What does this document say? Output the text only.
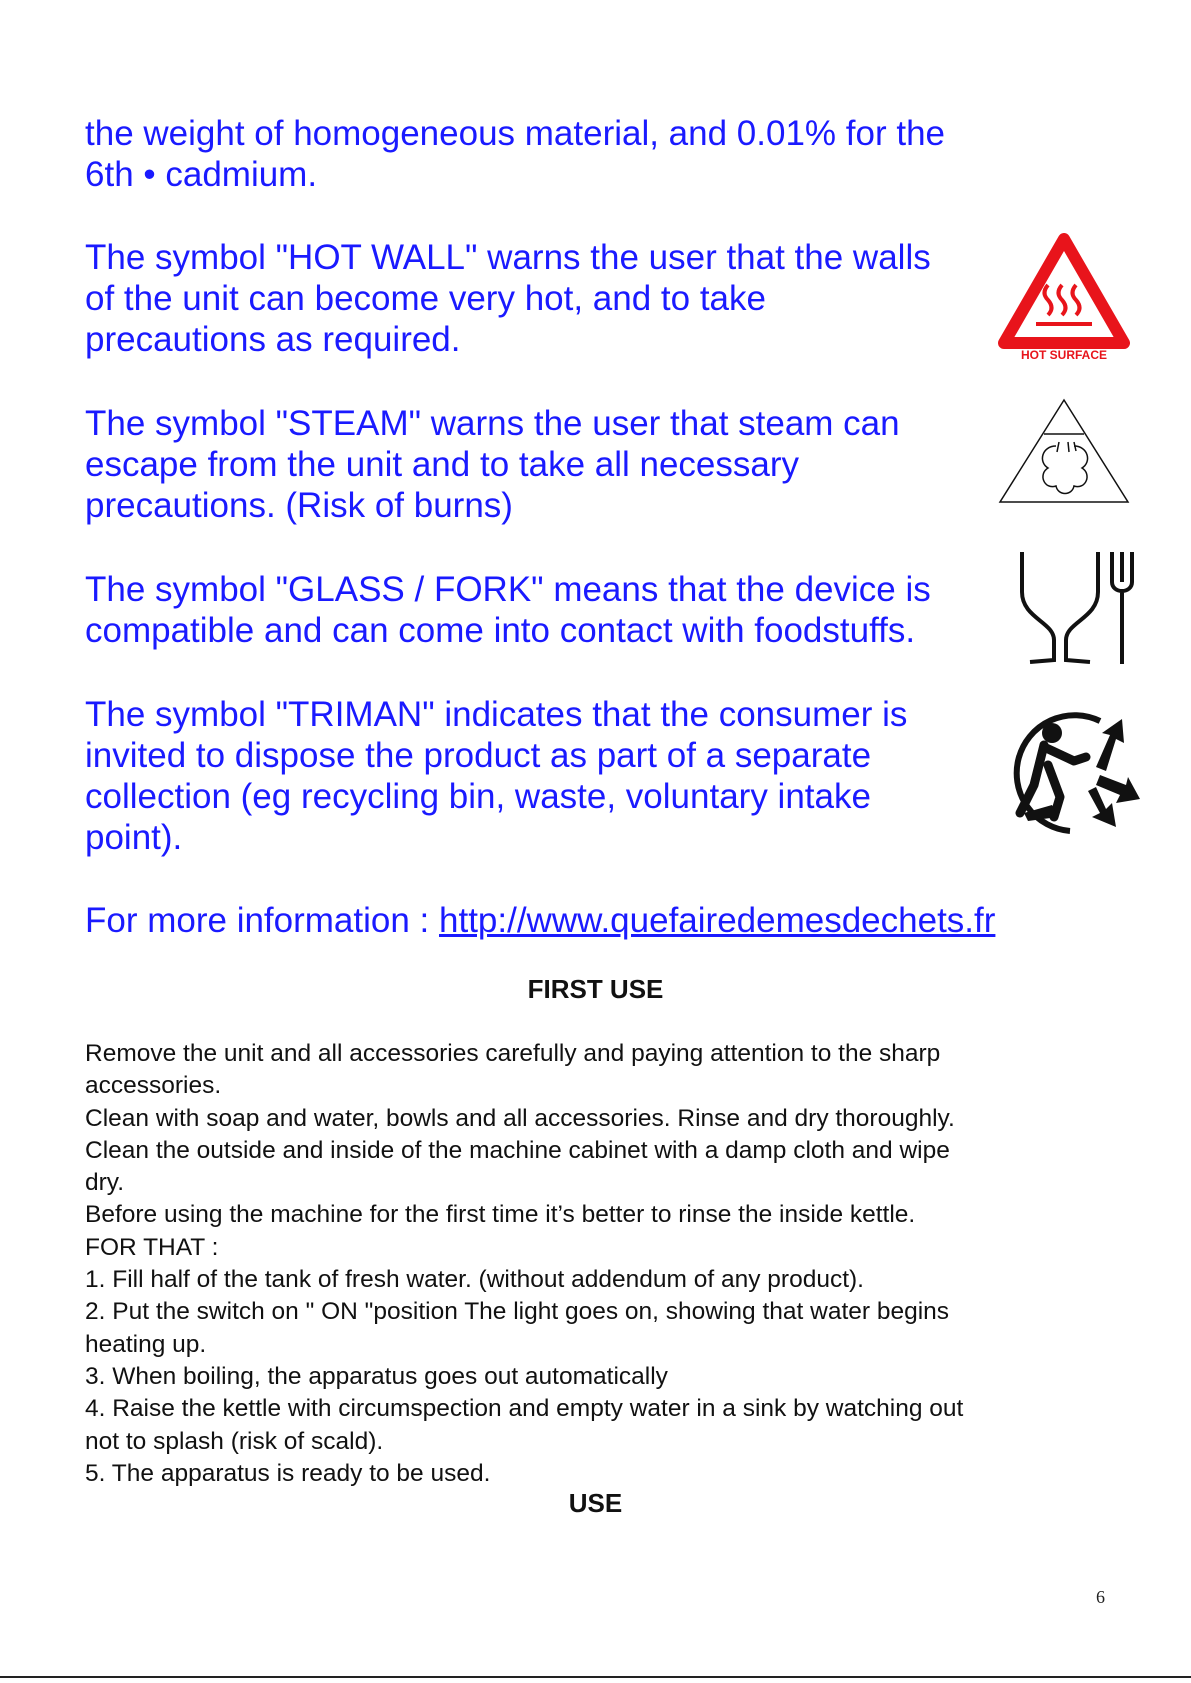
the weight of homogeneous material, and 0.01% for the

6th • cadmium.

The symbol "HOT WALL" warns the user that the walls

of the unit can become very hot, and to take

precautions as required.	HOT SURFACE

The symbol "STEAM" warns the user that steam can

escape from the unit and to take all necessary

precautions. (Risk of burns)

The symbol "GLASS / FORK" means that the device is

compatible and can come into contact with foodstuffs.

The symbol "TRIMAN" indicates that the consumer is

invited to dispose the product as part of a separate

collection (eg recycling bin, waste, voluntary intake

point).

For more information : http://www.quefairedemesdechets.fr
FIRST USE

Remove the unit and all accessories carefully and paying attention to the sharp

accessories.

Clean with soap and water, bowls and all accessories. Rinse and dry thoroughly.

Clean the outside and inside of the machine cabinet with a damp cloth and wipe

dry.

Before using the machine for the first time it’s better to rinse the inside kettle.

FOR THAT :

1. Fill half of the tank of fresh water. (without addendum of any product).

2. Put the switch on " ON "position The light goes on, showing that water begins

heating up.

3. When boiling, the apparatus goes out automatically

4. Raise the kettle with circumspection and empty water in a sink by watching out

not to splash (risk of scald).

5. The apparatus is ready to be used.

USE
6
